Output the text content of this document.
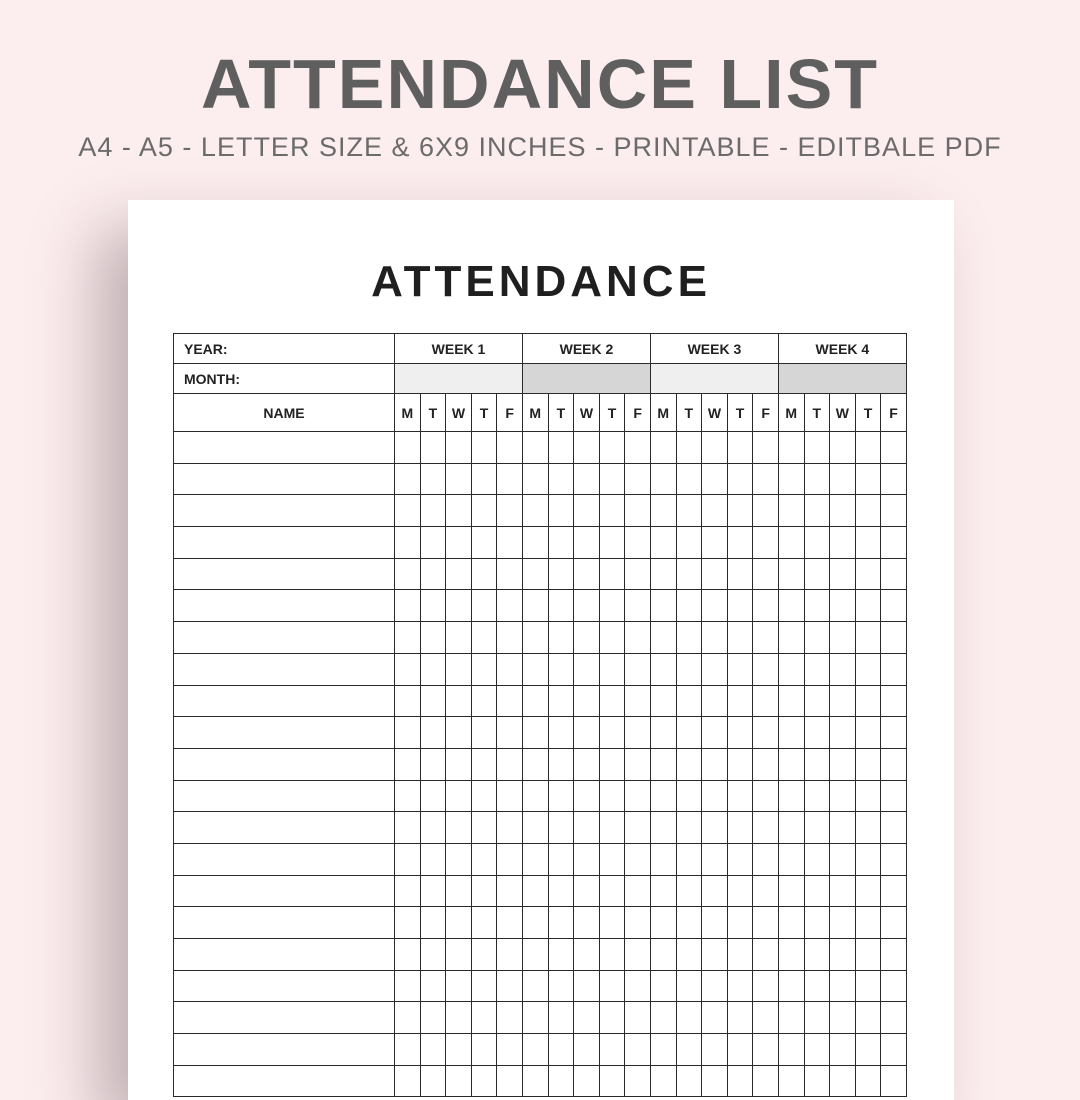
ATTENDANCE LIST
A4 - A5 - LETTER SIZE & 6X9 INCHES - PRINTABLE - EDITBALE PDF
ATTENDANCE
YEAR:	WEEK 1					WEEK 2					WEEK 3					WEEK 4				
MONTH:																				
NAME	M	T	W	T	F	M	T	W	T	F	M	T	W	T	F	M	T	W	T	F
